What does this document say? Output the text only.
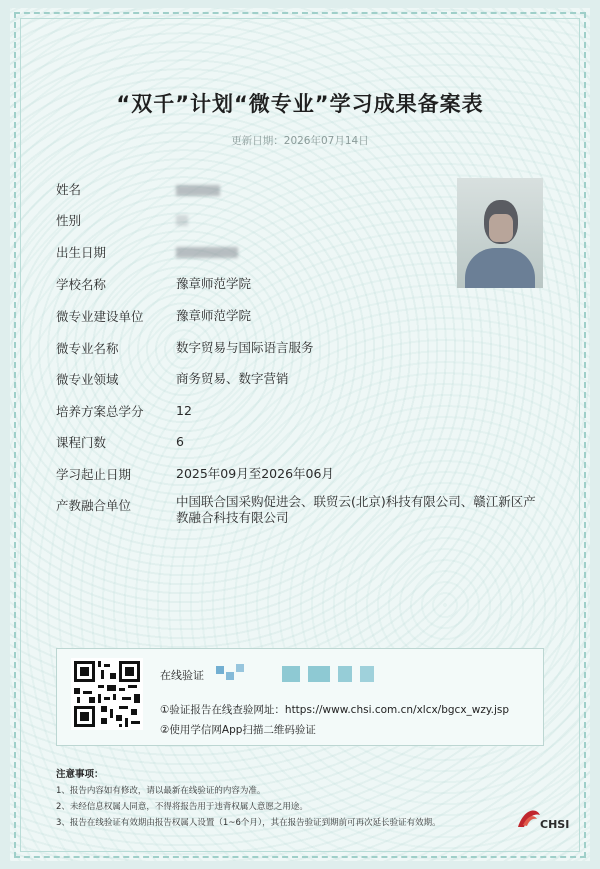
“双千”计划“微专业”学习成果备案表
更新日期：2026年07月14日
姓名
性别
出生日期
学校名称
微专业建设单位
微专业名称
微专业领域
培养方案总学分
课程门数
学习起止日期
产教融合单位
豫章师范学院
豫章师范学院
数字贸易与国际语言服务
商务贸易、数字营销
12
6
2025年09月至2026年06月
中国联合国采购促进会、联贸云(北京)科技有限公司、赣江新区产教融合科技有限公司
在线验证
①验证报告在线查验网址：https://www.chsi.com.cn/xlcx/bgcx_wzy.jsp
②使用学信网App扫描二维码验证
注意事项：
1、报告内容如有修改，请以最新在线验证的内容为准。
2、未经信息权属人同意，不得将报告用于违背权属人意愿之用途。
3、报告在线验证有效期由报告权属人设置（1~6个月），其在报告验证到期前可再次延长验证有效期。	CHSI
